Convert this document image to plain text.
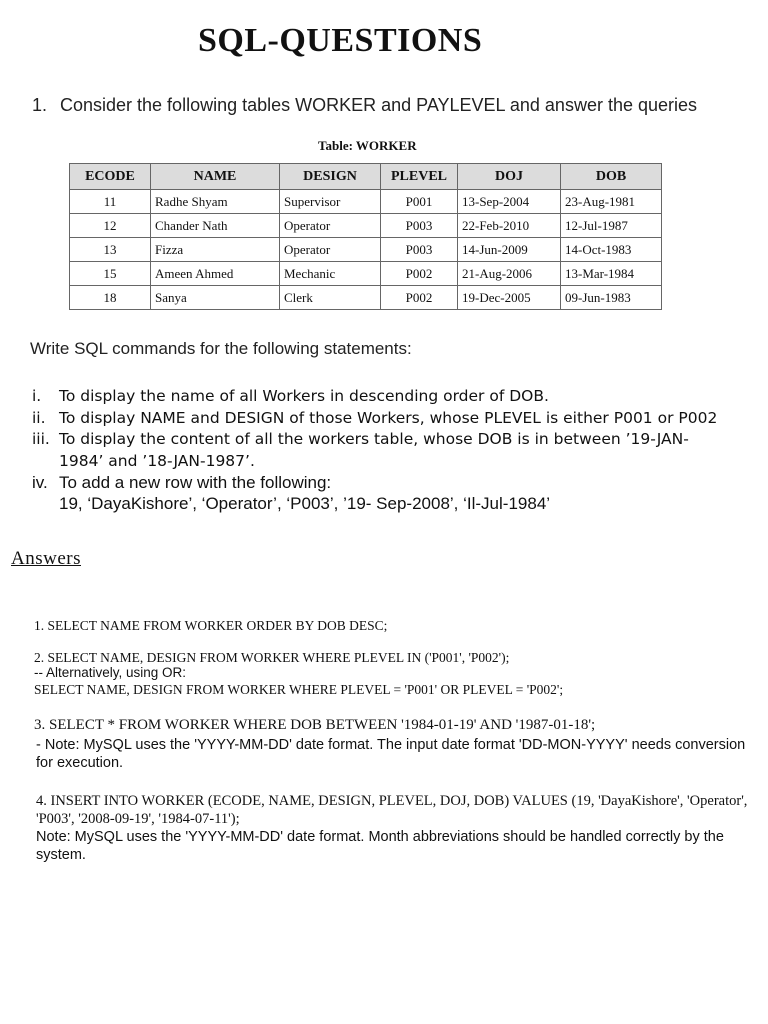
SQL-QUESTIONS
1. Consider the following tables WORKER and PAYLEVEL and answer the queries
Table: WORKER
ECODE	NAME	DESIGN	PLEVEL	DOJ	DOB
11	Radhe Shyam	Supervisor	P001	13-Sep-2004	23-Aug-1981
12	Chander Nath	Operator	P003	22-Feb-2010	12-Jul-1987
13	Fizza	Operator	P003	14-Jun-2009	14-Oct-1983
15	Ameen Ahmed	Mechanic	P002	21-Aug-2006	13-Mar-1984
18	Sanya	Clerk	P002	19-Dec-2005	09-Jun-1983
Write SQL commands for the following statements:
i. To display the name of all Workers in descending order of DOB.
ii. To display NAME and DESIGN of those Workers, whose PLEVEL is either P001 or P002
iii. To display the content of all the workers table, whose DOB is in between ’19-JAN-1984’ and ’18-JAN-1987’.
iv. To add a new row with the following:
19, ‘DayaKishore’, ‘Operator’, ‘P003’, ’19- Sep-2008’, ‘Il-Jul-1984’
Answers
1. SELECT NAME FROM WORKER ORDER BY DOB DESC;
2. SELECT NAME, DESIGN FROM WORKER WHERE PLEVEL IN ('P001', 'P002');
-- Alternatively, using OR:
SELECT NAME, DESIGN FROM WORKER WHERE PLEVEL = 'P001' OR PLEVEL = 'P002';
3. SELECT * FROM WORKER WHERE DOB BETWEEN '1984-01-19' AND '1987-01-18';
- Note: MySQL uses the 'YYYY-MM-DD' date format. The input date format 'DD-MON-YYYY' needs conversion for execution.
4. INSERT INTO WORKER (ECODE, NAME, DESIGN, PLEVEL, DOJ, DOB) VALUES (19, 'DayaKishore', 'Operator', 'P003', '2008-09-19', '1984-07-11');
Note: MySQL uses the 'YYYY-MM-DD' date format. Month abbreviations should be handled correctly by the system.
